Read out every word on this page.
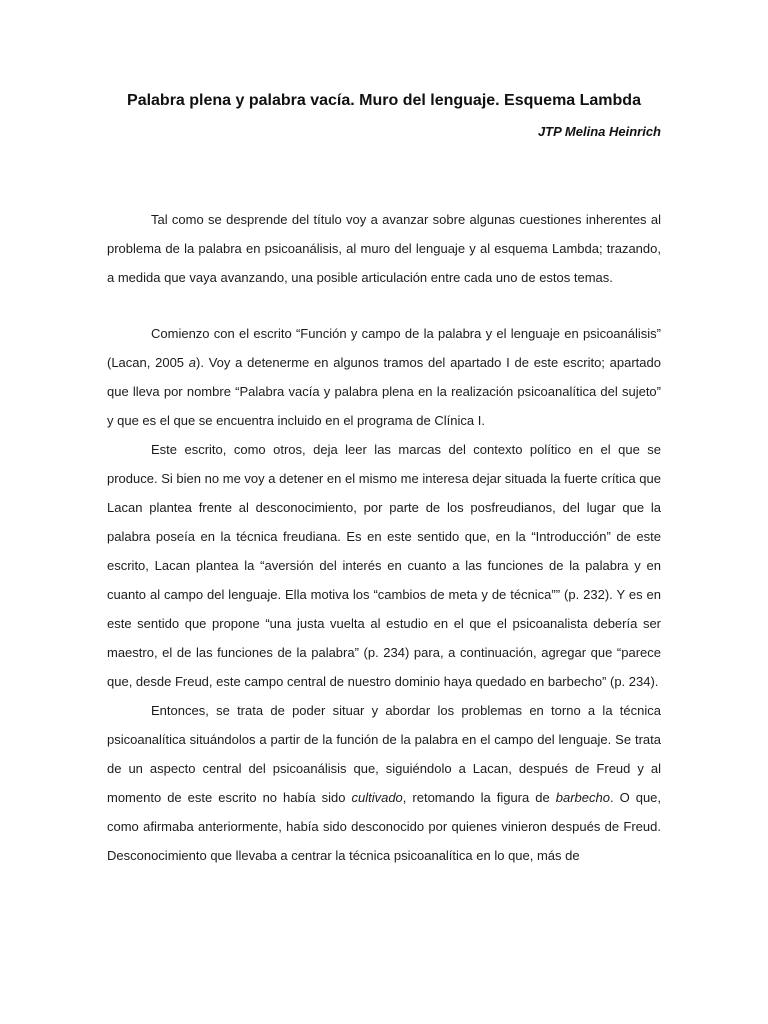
Palabra plena y palabra vacía. Muro del lenguaje. Esquema Lambda
JTP Melina Heinrich

Tal como se desprende del título voy a avanzar sobre algunas cuestiones inherentes al problema de la palabra en psicoanálisis, al muro del lenguaje y al esquema Lambda; trazando, a medida que vaya avanzando, una posible articulación entre cada uno de estos temas.

Comienzo con el escrito “Función y campo de la palabra y el lenguaje en psicoanálisis” (Lacan, 2005 a). Voy a detenerme en algunos tramos del apartado I de este escrito; apartado que lleva por nombre “Palabra vacía y palabra plena en la realización psicoanalítica del sujeto” y que es el que se encuentra incluido en el programa de Clínica I.

Este escrito, como otros, deja leer las marcas del contexto político en el que se produce. Si bien no me voy a detener en el mismo me interesa dejar situada la fuerte crítica que Lacan plantea frente al desconocimiento, por parte de los posfreudianos, del lugar que la palabra poseía en la técnica freudiana. Es en este sentido que, en la “Introducción” de este escrito, Lacan plantea la “aversión del interés en cuanto a las funciones de la palabra y en cuanto al campo del lenguaje. Ella motiva los “cambios de meta y de técnica”” (p. 232). Y es en este sentido que propone “una justa vuelta al estudio en el que el psicoanalista debería ser maestro, el de las funciones de la palabra” (p. 234) para, a continuación, agregar que “parece que, desde Freud, este campo central de nuestro dominio haya quedado en barbecho” (p. 234).

Entonces, se trata de poder situar y abordar los problemas en torno a la técnica psicoanalítica situándolos a partir de la función de la palabra en el campo del lenguaje. Se trata de un aspecto central del psicoanálisis que, siguiéndolo a Lacan, después de Freud y al momento de este escrito no había sido cultivado, retomando la figura de barbecho. O que, como afirmaba anteriormente, había sido desconocido por quienes vinieron después de Freud. Desconocimiento que llevaba a centrar la técnica psicoanalítica en lo que, más de
